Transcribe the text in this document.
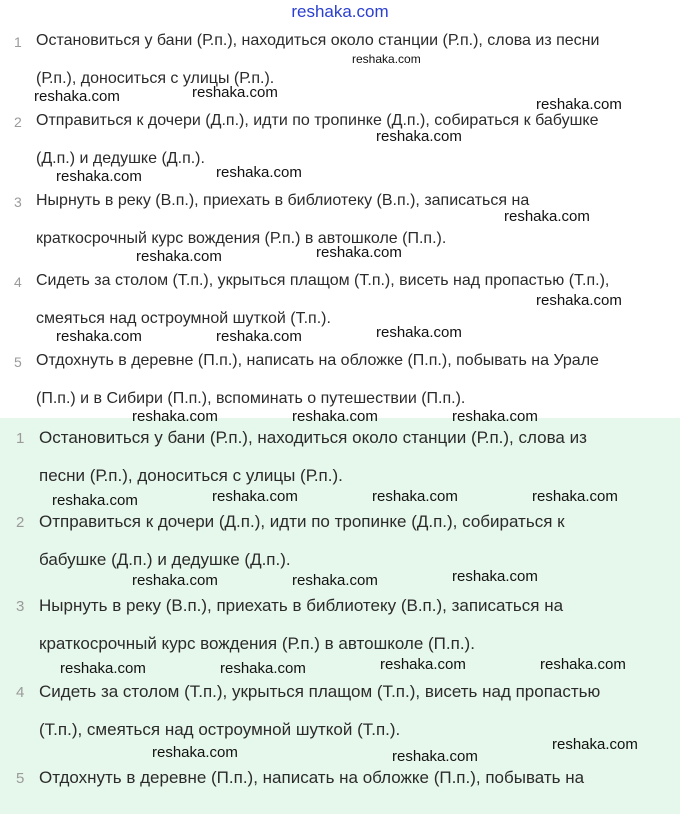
reshaka.com
1 Остановиться у бани (Р.п.), находиться около станции (Р.п.), слова из песни
(Р.п.), доноситься с улицы (Р.п.).
2 Отправиться к дочери (Д.п.), идти по тропинке (Д.п.), собираться к бабушке
(Д.п.) и дедушке (Д.п.).
3 Нырнуть в реку (В.п.), приехать в библиотеку (В.п.), записаться на
краткосрочный курс вождения (Р.п.) в автошколе (П.п.).
4 Сидеть за столом (Т.п.), укрыться плащом (Т.п.), висеть над пропастью (Т.п.),
смеяться над остроумной шуткой (Т.п.).
5 Отдохнуть в деревне (П.п.), написать на обложке (П.п.), побывать на Урале
(П.п.) и в Сибири (П.п.), вспоминать о путешествии (П.п.).
1 Остановиться у бани (Р.п.), находиться около станции (Р.п.), слова из
песни (Р.п.), доноситься с улицы (Р.п.).
2 Отправиться к дочери (Д.п.), идти по тропинке (Д.п.), собираться к
бабушке (Д.п.) и дедушке (Д.п.).
3 Нырнуть в реку (В.п.), приехать в библиотеку (В.п.), записаться на
краткосрочный курс вождения (Р.п.) в автошколе (П.п.).
4 Сидеть за столом (Т.п.), укрыться плащом (Т.п.), висеть над пропастью
(Т.п.), смеяться над остроумной шуткой (Т.п.).
5 Отдохнуть в деревне (П.п.), написать на обложке (П.п.), побывать на
reshaka.com
reshaka.com	reshaka.com
reshaka.com
reshaka.com
reshaka.com	reshaka.com
reshaka.com
reshaka.com	reshaka.com
reshaka.com
reshaka.com	reshaka.com	reshaka.com
reshaka.com	reshaka.com	reshaka.com
reshaka.com	reshaka.com	reshaka.com	reshaka.com
reshaka.com	reshaka.com	reshaka.com
reshaka.com	reshaka.com	reshaka.com	reshaka.com
reshaka.com
reshaka.com	reshaka.com
